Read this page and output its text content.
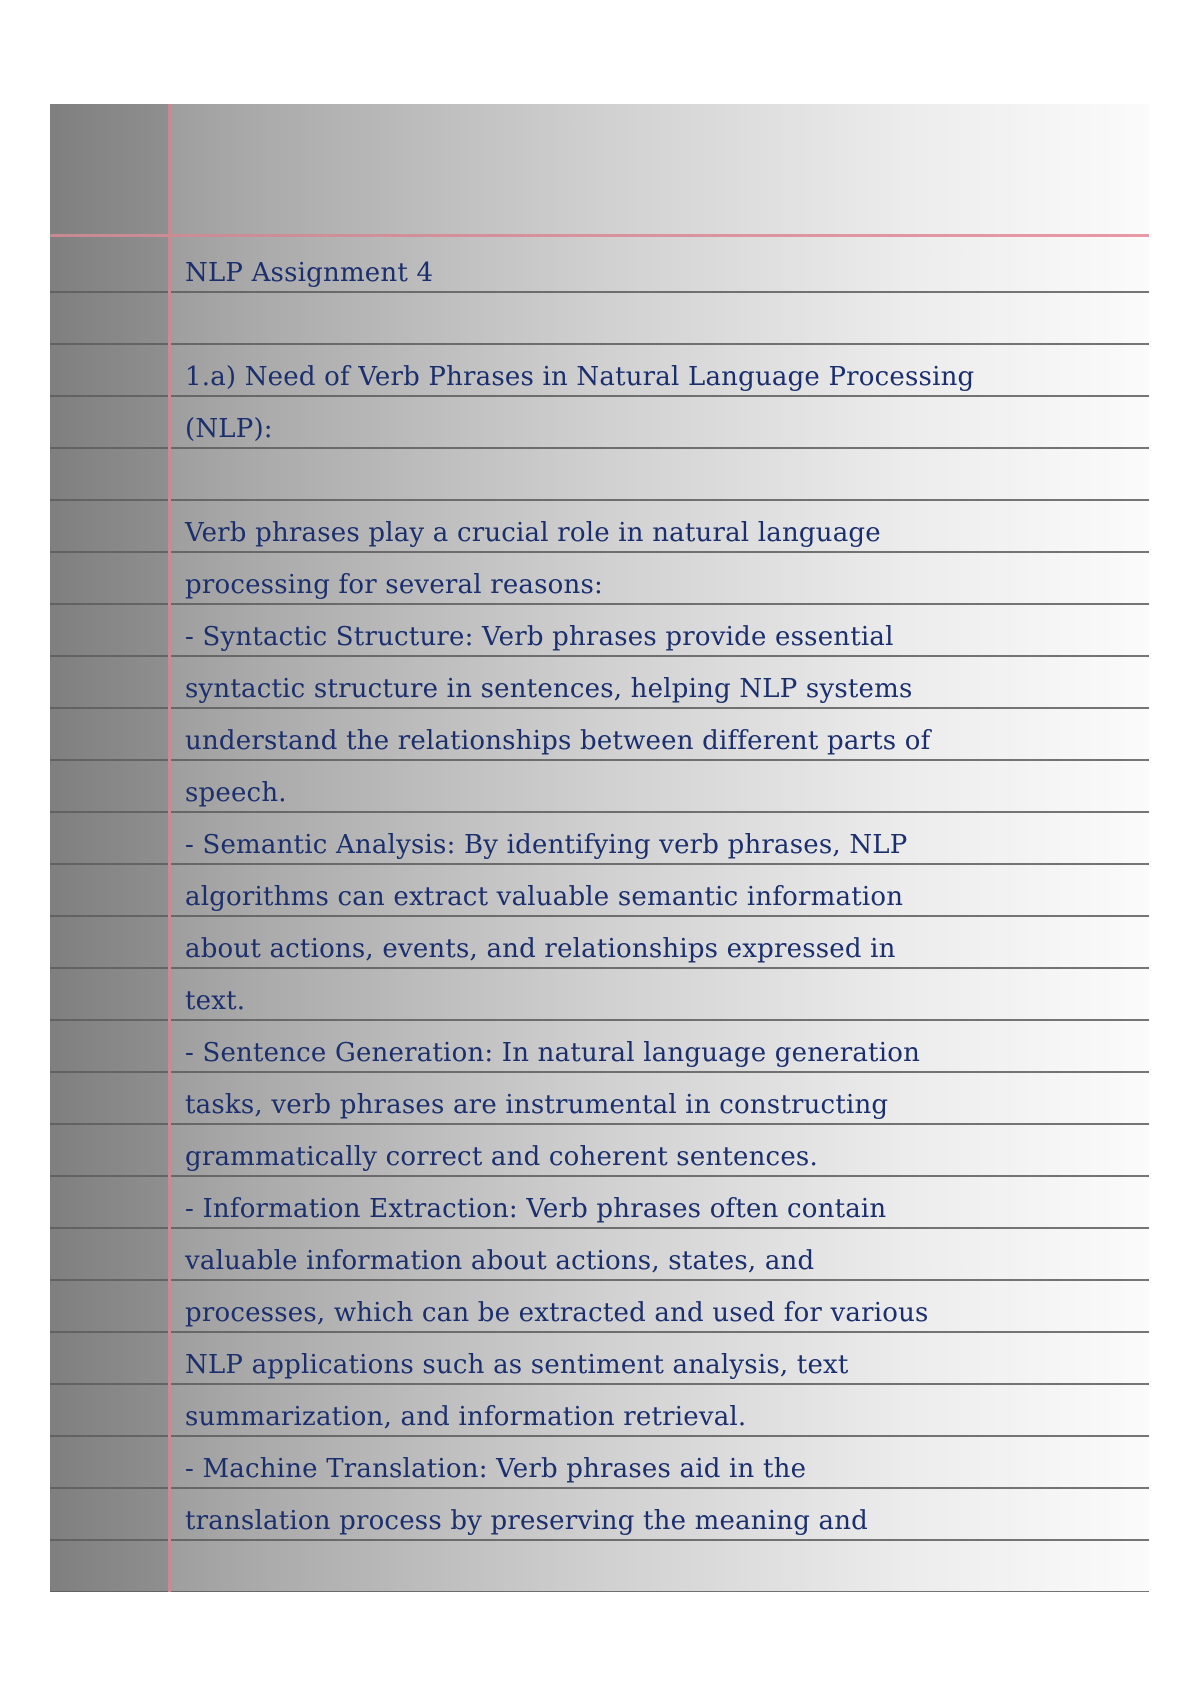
NLP Assignment 4
1.a) Need of Verb Phrases in Natural Language Processing
(NLP):
Verb phrases play a crucial role in natural language
processing for several reasons:
- Syntactic Structure: Verb phrases provide essential
syntactic structure in sentences, helping NLP systems
understand the relationships between different parts of
speech.
- Semantic Analysis: By identifying verb phrases, NLP
algorithms can extract valuable semantic information
about actions, events, and relationships expressed in
text.
- Sentence Generation: In natural language generation
tasks, verb phrases are instrumental in constructing
grammatically correct and coherent sentences.
- Information Extraction: Verb phrases often contain
valuable information about actions, states, and
processes, which can be extracted and used for various
NLP applications such as sentiment analysis, text
summarization, and information retrieval.
- Machine Translation: Verb phrases aid in the
translation process by preserving the meaning and
